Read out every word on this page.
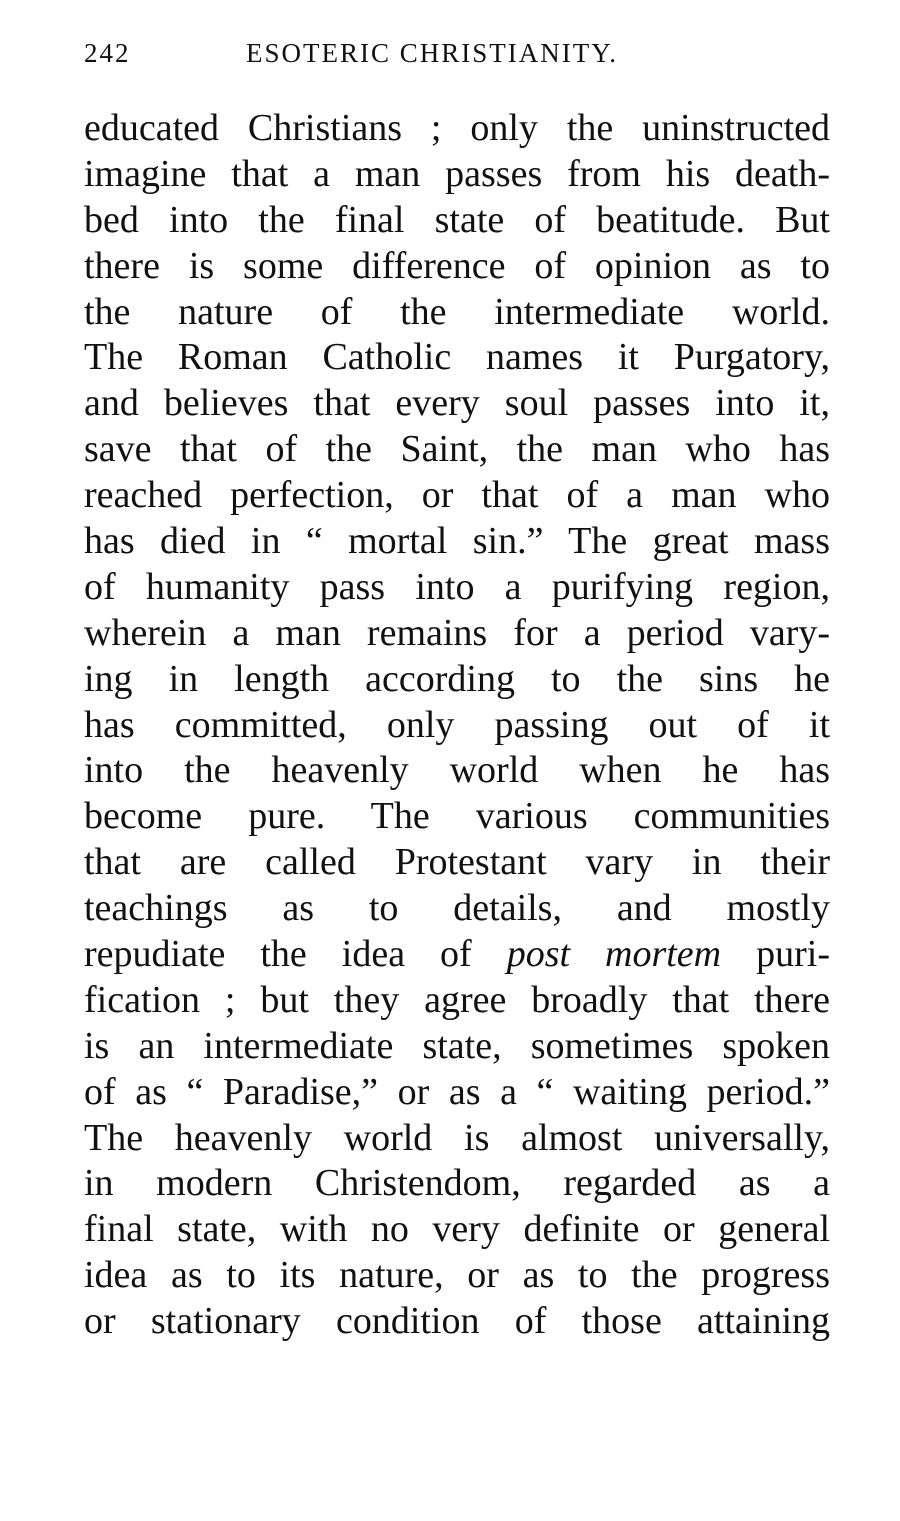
242	ESOTERIC CHRISTIANITY.
educated Christians ; only the uninstructed
imagine that a man passes from his death-
bed into the final state of beatitude. But
there is some difference of opinion as to
the nature of the intermediate world.
The Roman Catholic names it Purgatory,
and believes that every soul passes into it,
save that of the Saint, the man who has
reached perfection, or that of a man who
has died in “ mortal sin.” The great mass
of humanity pass into a purifying region,
wherein a man remains for a period vary-
ing in length according to the sins he
has committed, only passing out of it
into the heavenly world when he has
become pure. The various communities
that are called Protestant vary in their
teachings as to details, and mostly
repudiate the idea of post mortem puri-
fication ; but they agree broadly that there
is an intermediate state, sometimes spoken
of as “ Paradise,” or as a “ waiting period.”
The heavenly world is almost universally,
in modern Christendom, regarded as a
final state, with no very definite or general
idea as to its nature, or as to the progress
or stationary condition of those attaining
